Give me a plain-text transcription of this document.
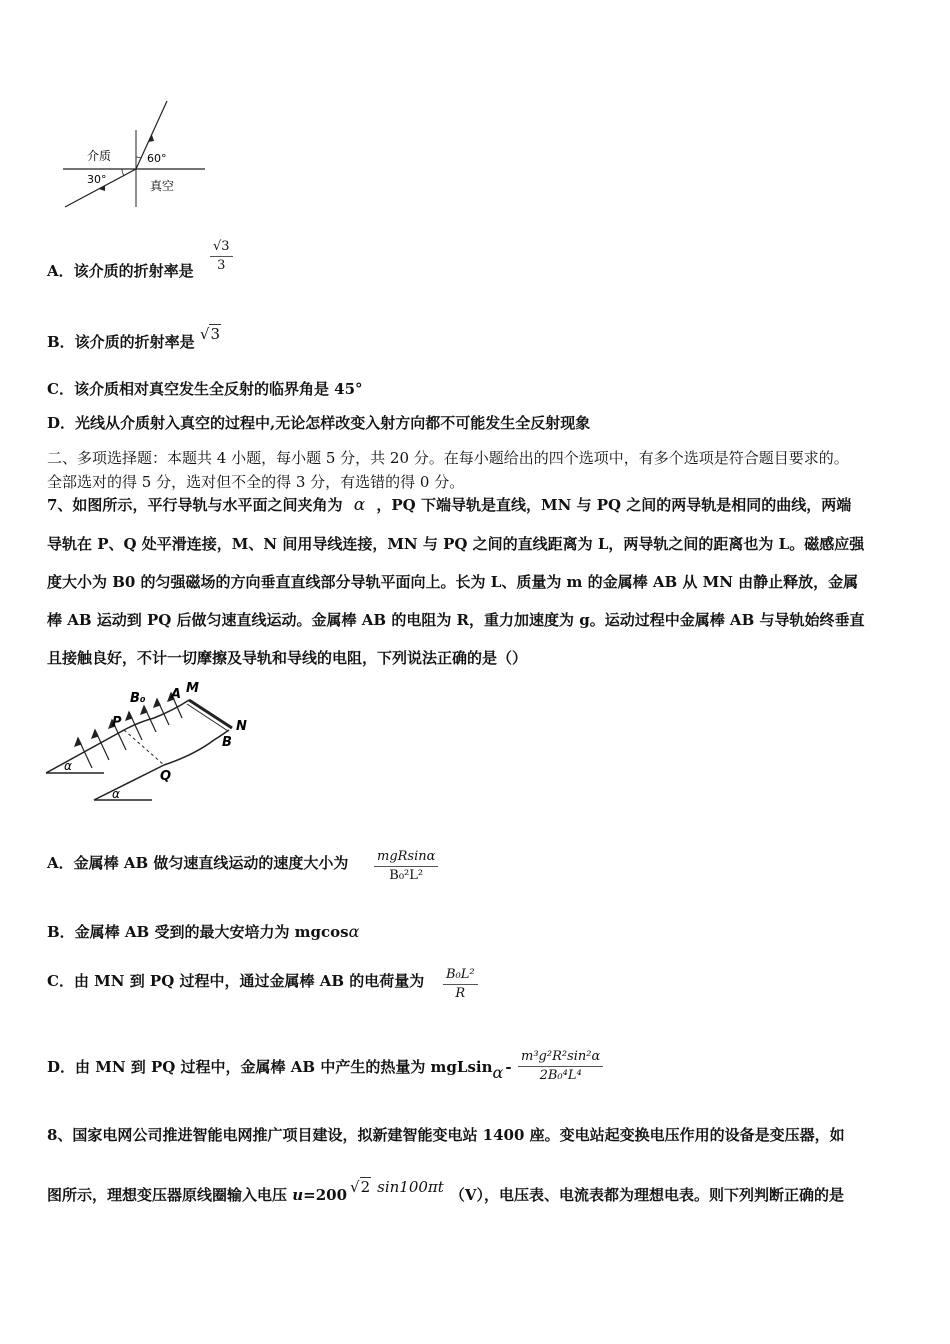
介质
真空
60°
30°
A．该介质的折射率是
√3
3
B．该介质的折射率是 √3
C．该介质相对真空发生全反射的临界角是 45°
D．光线从介质射入真空的过程中,无论怎样改变入射方向都不可能发生全反射现象
二、多项选择题：本题共 4 小题，每小题 5 分，共 20 分。在每小题给出的四个选项中，有多个选项是符合题目要求的。
全部选对的得 5 分，选对但不全的得 3 分，有选错的得 0 分。
7、如图所示，平行导轨与水平面之间夹角为 α ，PQ 下端导轨是直线，MN 与 PQ 之间的两导轨是相同的曲线，两端
导轨在 P、Q 处平滑连接，M、N 间用导线连接，MN 与 PQ 之间的直线距离为 L，两导轨之间的距离也为 L。磁感应强
度大小为 B0 的匀强磁场的方向垂直直线部分导轨平面向上。长为 L、质量为 m 的金属棒 AB 从 MN 由静止释放，金属
棒 AB 运动到 PQ 后做匀速直线运动。金属棒 AB 的电阻为 R，重力加速度为 g。运动过程中金属棒 AB 与导轨始终垂直
且接触良好，不计一切摩擦及导轨和导线的电阻，下列说法正确的是（）
B₀ A M
P	N
B
Q
α
α
A．金属棒 AB 做匀速直线运动的速度大小为 mgRsinα
B₀²L²
B．金属棒 AB 受到的最大安培力为 mgcosα
C．由 MN 到 PQ 过程中，通过金属棒 AB 的电荷量为 B₀L²
R
D．由 MN 到 PQ 过程中，金属棒 AB 中产生的热量为 mgLsinα -
m³g²R²sin²α
2B₀⁴L⁴
8、国家电网公司推进智能电网推广项目建设，拟新建智能变电站 1400 座。变电站起变换电压作用的设备是变压器，如
图所示，理想变压器原线圈输入电压 u=200 √2 sin100πt （V），电压表、电流表都为理想电表。则下列判断正确的是
